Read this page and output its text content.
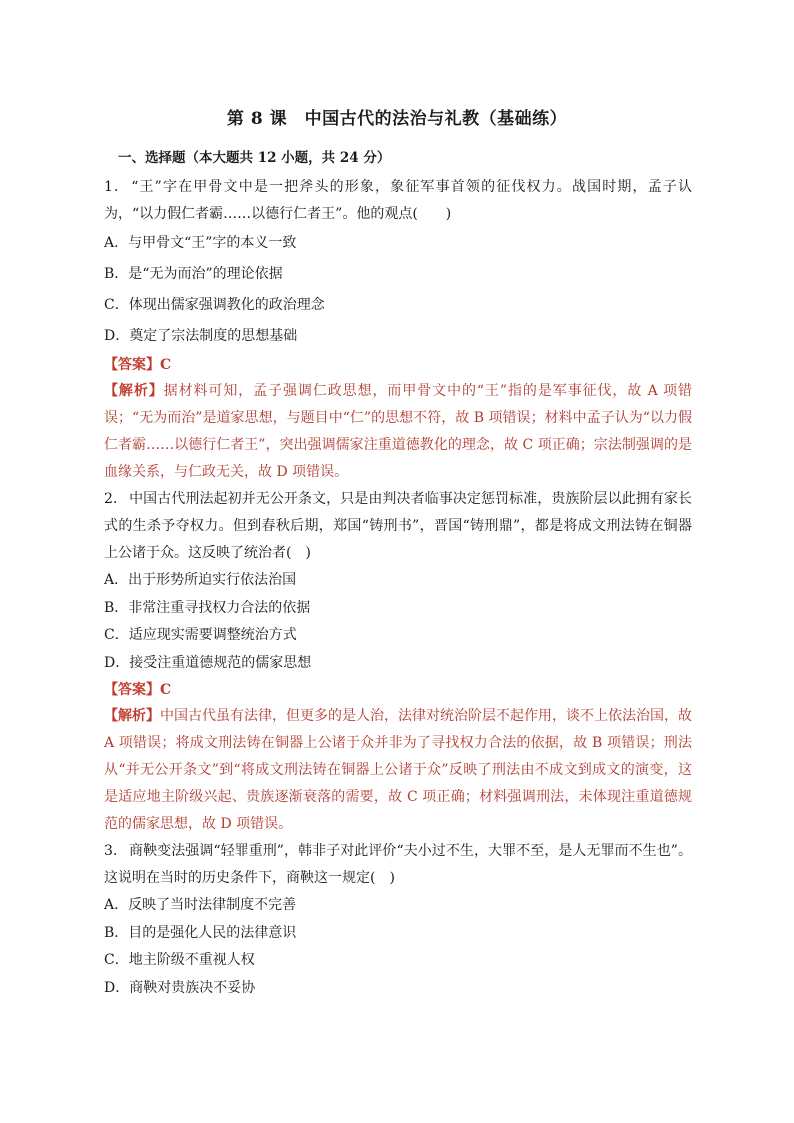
第 8 课　中国古代的法治与礼教（基础练）
一、选择题（本大题共 12 小题，共 24 分）

1． “王”字在甲骨文中是一把斧头的形象，象征军事首领的征伐权力。战国时期，孟子认为，“以力假仁者霸……以德行仁者王”。他的观点(　　)

A．与甲骨文“王”字的本义一致

B．是“无为而治”的理论依据

C．体现出儒家强调教化的政治理念

D．奠定了宗法制度的思想基础

【答案】C

【解析】据材料可知，孟子强调仁政思想，而甲骨文中的“王”指的是军事征伐，故 A 项错误；“无为而治”是道家思想，与题目中“仁”的思想不符，故 B 项错误；材料中孟子认为“以力假仁者霸……以德行仁者王”，突出强调儒家注重道德教化的理念，故 C 项正确；宗法制强调的是血缘关系，与仁政无关，故 D 项错误。

2． 中国古代刑法起初并无公开条文，只是由判决者临事决定惩罚标准，贵族阶层以此拥有家长式的生杀予夺权力。但到春秋后期，郑国“铸刑书”，晋国“铸刑鼎”，都是将成文刑法铸在铜器上公诸于众。这反映了统治者(　)

A．出于形势所迫实行依法治国

B．非常注重寻找权力合法的依据

C．适应现实需要调整统治方式

D．接受注重道德规范的儒家思想

【答案】C

【解析】中国古代虽有法律，但更多的是人治，法律对统治阶层不起作用，谈不上依法治国，故 A 项错误；将成文刑法铸在铜器上公诸于众并非为了寻找权力合法的依据，故 B 项错误；刑法从“并无公开条文”到“将成文刑法铸在铜器上公诸于众”反映了刑法由不成文到成文的演变，这是适应地主阶级兴起、贵族逐渐衰落的需要，故 C 项正确；材料强调刑法，未体现注重道德规范的儒家思想，故 D 项错误。

3． 商鞅变法强调“轻罪重刑”，韩非子对此评价“夫小过不生，大罪不至，是人无罪而不生也”。这说明在当时的历史条件下，商鞅这一规定(　)

A．反映了当时法律制度不完善

B．目的是强化人民的法律意识

C．地主阶级不重视人权

D．商鞅对贵族决不妥协
